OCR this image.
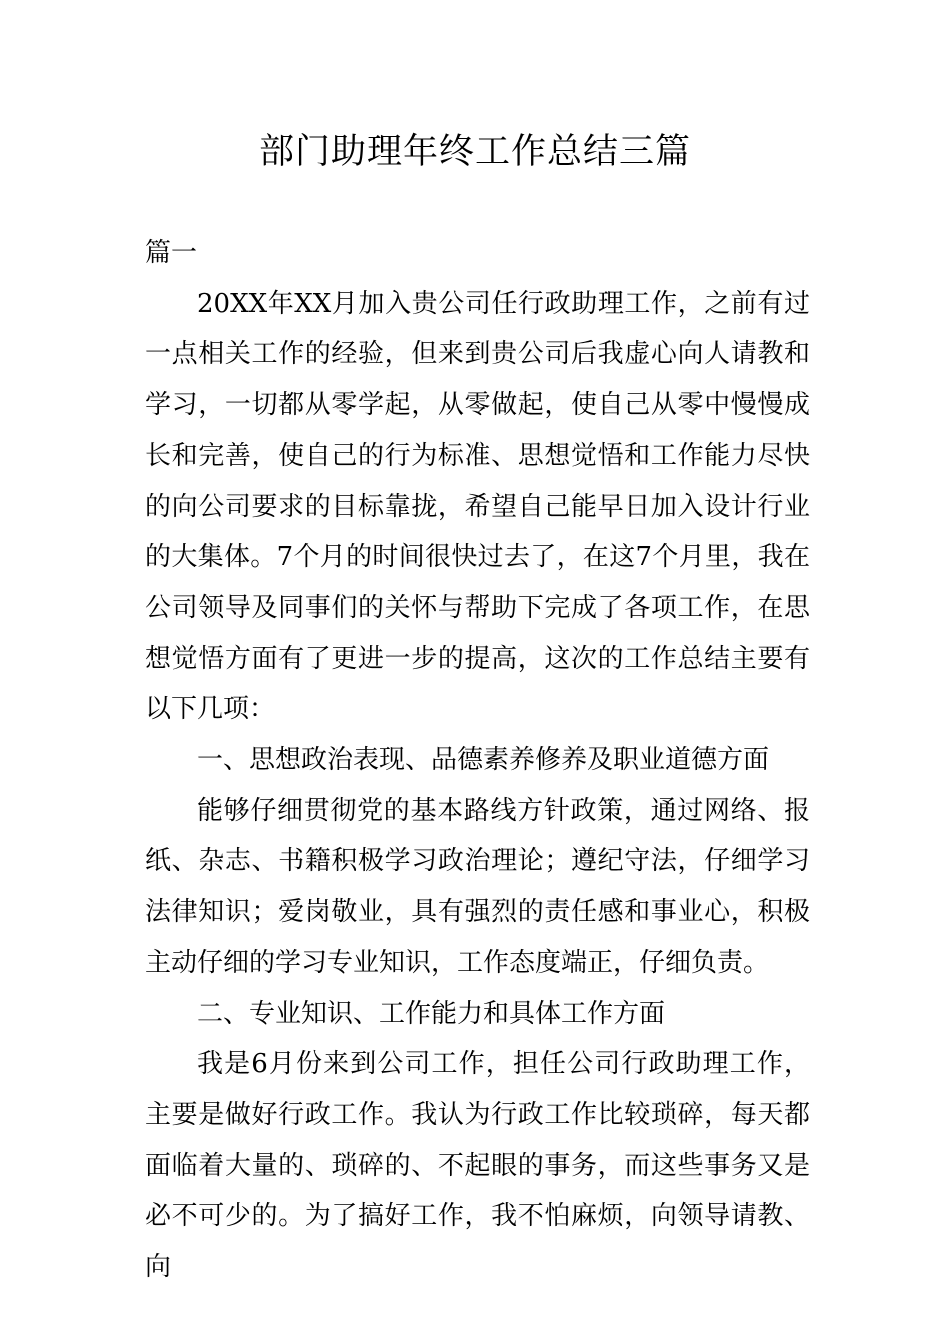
部门助理年终工作总结三篇

篇一

20XX年XX月加入贵公司任行政助理工作，之前有过一点相关工作的经验，但来到贵公司后我虚心向人请教和学习，一切都从零学起，从零做起，使自己从零中慢慢成长和完善，使自己的行为标准、思想觉悟和工作能力尽快的向公司要求的目标靠拢，希望自己能早日加入设计行业的大集体。7个月的时间很快过去了，在这7个月里，我在公司领导及同事们的关怀与帮助下完成了各项工作，在思想觉悟方面有了更进一步的提高，这次的工作总结主要有以下几项：

一、思想政治表现、品德素养修养及职业道德方面

能够仔细贯彻党的基本路线方针政策，通过网络、报纸、杂志、书籍积极学习政治理论；遵纪守法，仔细学习法律知识；爱岗敬业，具有强烈的责任感和事业心，积极主动仔细的学习专业知识，工作态度端正，仔细负责。

二、专业知识、工作能力和具体工作方面

我是6月份来到公司工作，担任公司行政助理工作，主要是做好行政工作。我认为行政工作比较琐碎，每天都面临着大量的、琐碎的、不起眼的事务，而这些事务又是必不可少的。为了搞好工作，我不怕麻烦，向领导请教、向
